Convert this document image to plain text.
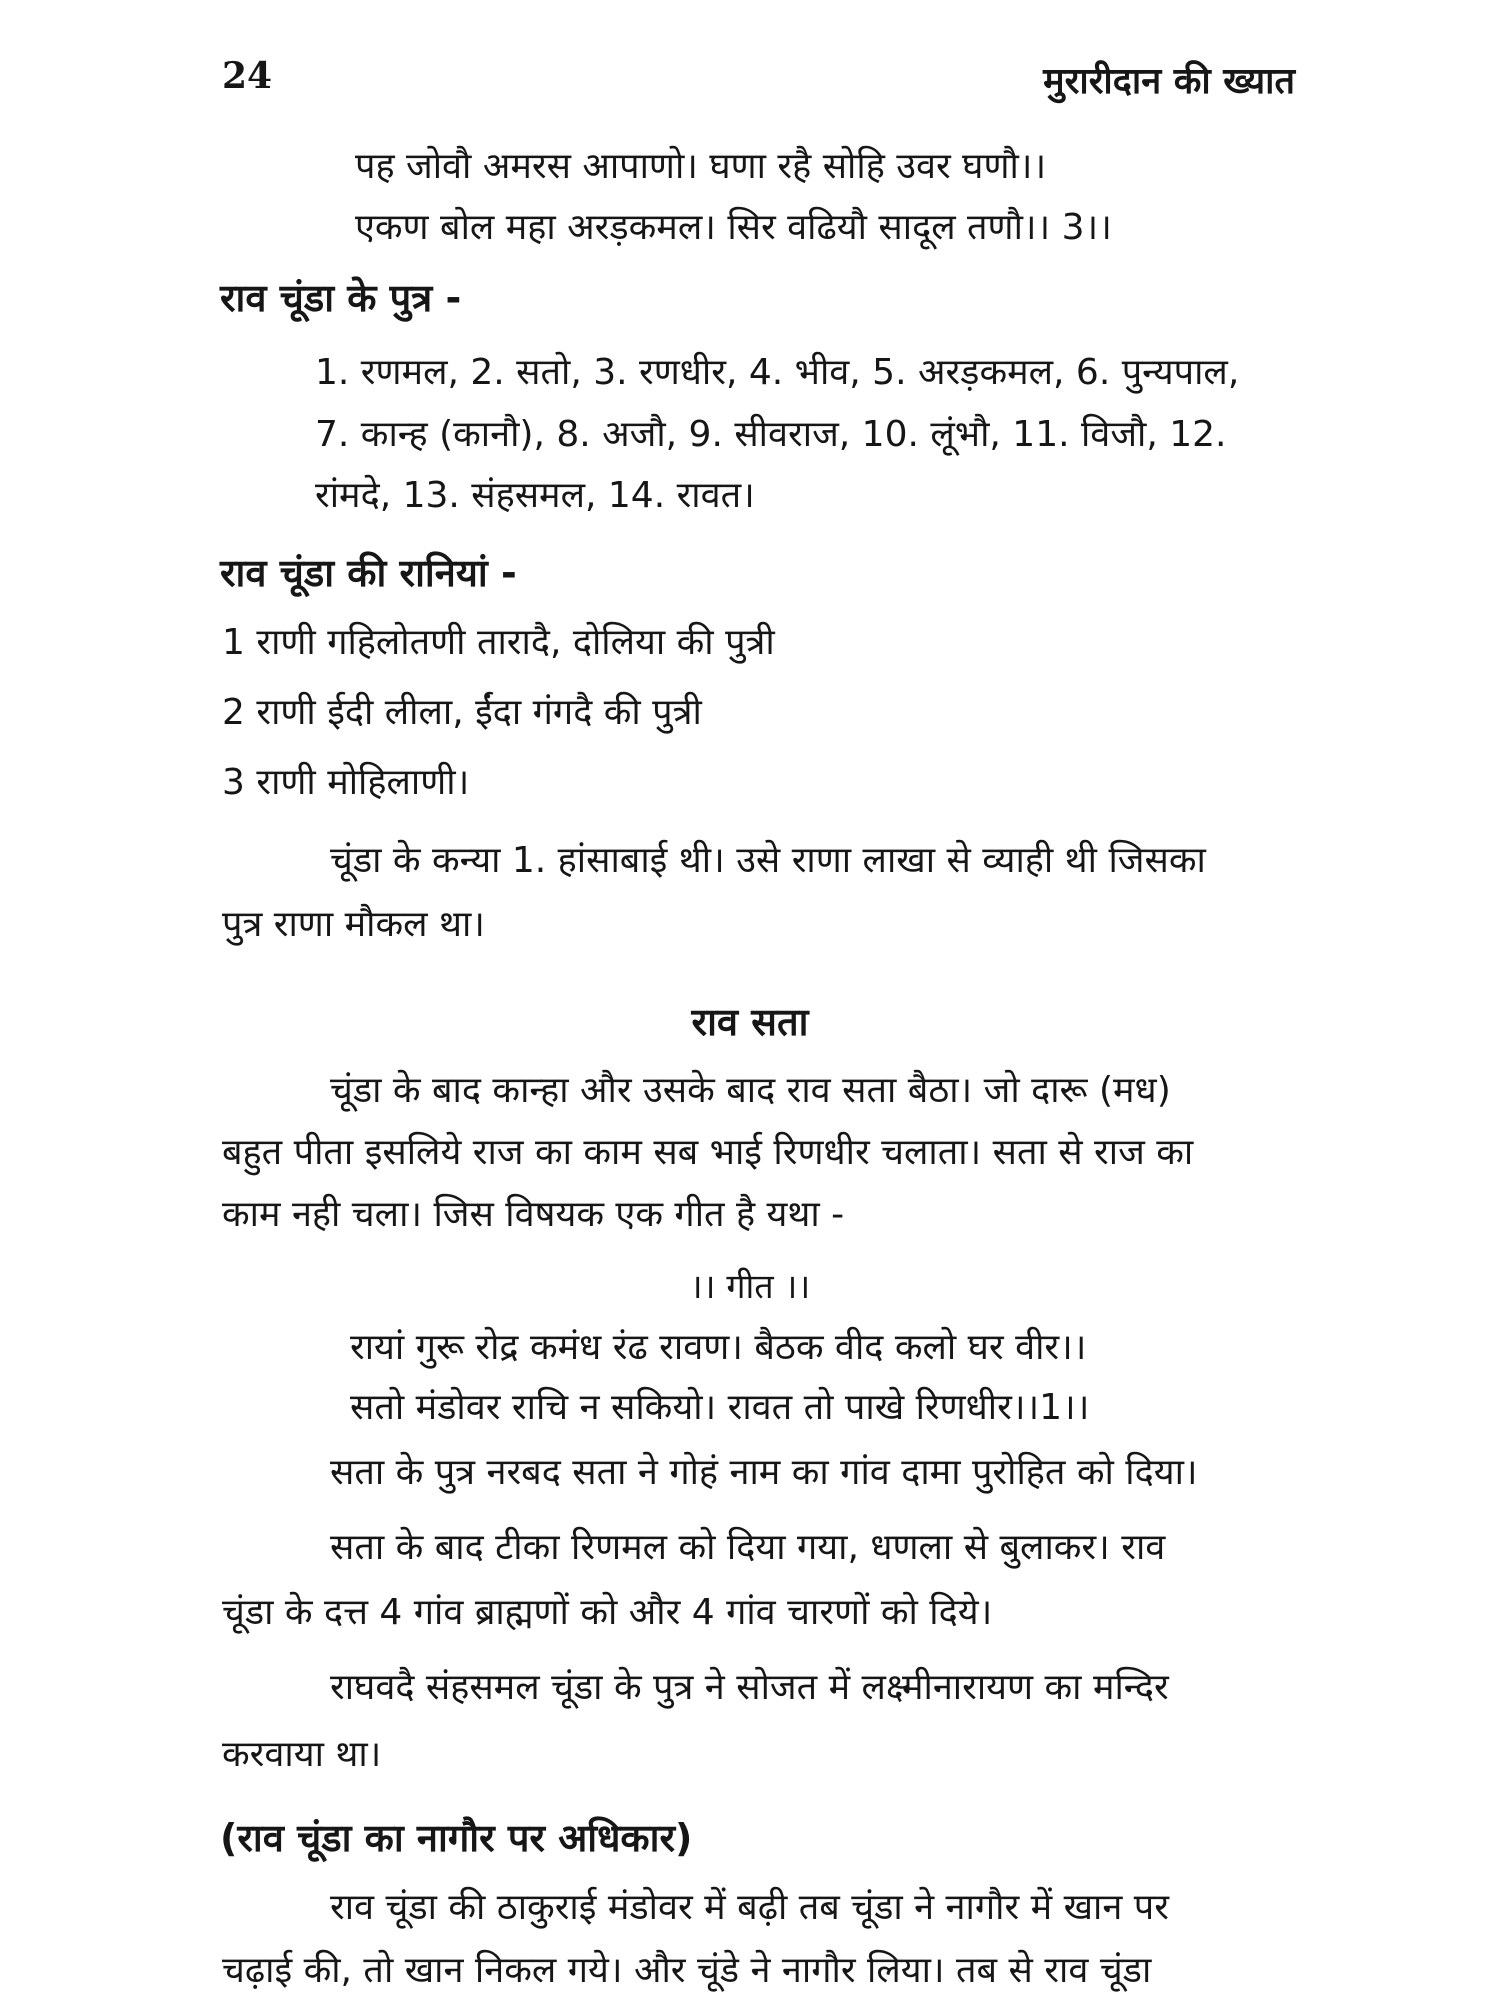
24	मुरारीदान की ख्यात
पह जोवौ अमरस आपाणो। घणा रहै सोहि उवर घणौ।।
एकण बोल महा अरड़कमल। सिर वढियौ सादूल तणौ।। 3।।
राव चूंडा के पुत्र -
1. रणमल, 2. सतो, 3. रणधीर, 4. भीव, 5. अरड़कमल, 6. पुन्यपाल,
7. कान्ह (कानौ), 8. अजौ, 9. सीवराज, 10. लूंभौ, 11. विजौ, 12.
रांमदे, 13. संहसमल, 14. रावत।
राव चूंडा की रानियां -
1 राणी गहिलोतणी तारादै, दोलिया की पुत्री
2 राणी ईदी लीला, ईंदा गंगदै की पुत्री
3 राणी मोहिलाणी।
चूंडा के कन्या 1. हांसाबाई थी। उसे राणा लाखा से व्याही थी जिसका
पुत्र राणा मौकल था।
राव सता
चूंडा के बाद कान्हा और उसके बाद राव सता बैठा। जो दारू (मध)
बहुत पीता इसलिये राज का काम सब भाई रिणधीर चलाता। सता से राज का
काम नही चला। जिस विषयक एक गीत है यथा -
।। गीत ।।
रायां गुरू रोद्र कमंध रंढ रावण। बैठक वीद कलो घर वीर।।
सतो मंडोवर राचि न सकियो। रावत तो पाखे रिणधीर।।1।।
सता के पुत्र नरबद सता ने गोहं नाम का गांव दामा पुरोहित को दिया।
सता के बाद टीका रिणमल को दिया गया, धणला से बुलाकर। राव
चूंडा के दत्त 4 गांव ब्राह्मणों को और 4 गांव चारणों को दिये।
राघवदै संहसमल चूंडा के पुत्र ने सोजत में लक्ष्मीनारायण का मन्दिर
करवाया था।
(राव चूंडा का नागौर पर अधिकार)
राव चूंडा की ठाकुराई मंडोवर में बढ़ी तब चूंडा ने नागौर में खान पर
चढ़ाई की, तो खान निकल गये। और चूंडे ने नागौर लिया। तब से राव चूंडा
